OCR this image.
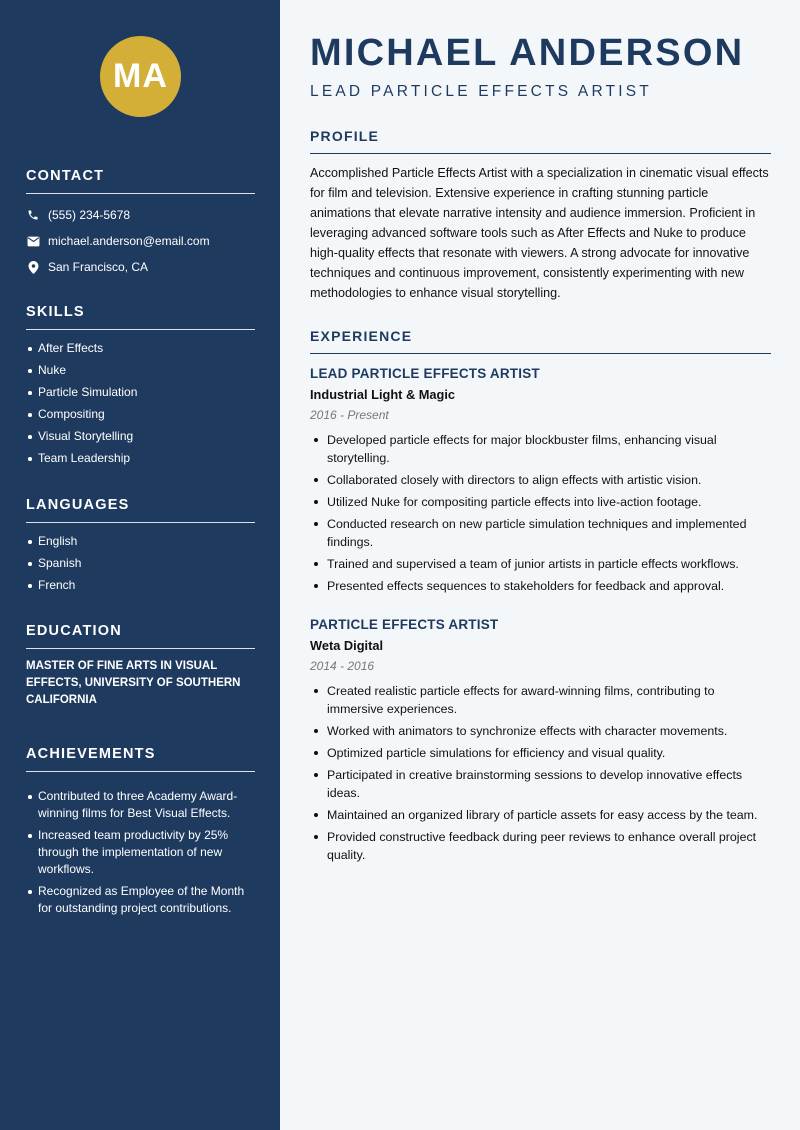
MA
CONTACT
(555) 234-5678
michael.anderson@email.com
San Francisco, CA
SKILLS
After Effects
Nuke
Particle Simulation
Compositing
Visual Storytelling
Team Leadership
LANGUAGES
English
Spanish
French
EDUCATION
MASTER OF FINE ARTS IN VISUAL EFFECTS, UNIVERSITY OF SOUTHERN CALIFORNIA
ACHIEVEMENTS
Contributed to three Academy Award-winning films for Best Visual Effects.
Increased team productivity by 25% through the implementation of new workflows.
Recognized as Employee of the Month for outstanding project contributions.
MICHAEL ANDERSON
LEAD PARTICLE EFFECTS ARTIST
PROFILE
Accomplished Particle Effects Artist with a specialization in cinematic visual effects for film and television. Extensive experience in crafting stunning particle animations that elevate narrative intensity and audience immersion. Proficient in leveraging advanced software tools such as After Effects and Nuke to produce high-quality effects that resonate with viewers. A strong advocate for innovative techniques and continuous improvement, consistently experimenting with new methodologies to enhance visual storytelling.
EXPERIENCE
LEAD PARTICLE EFFECTS ARTIST
Industrial Light & Magic
2016 - Present
Developed particle effects for major blockbuster films, enhancing visual storytelling.
Collaborated closely with directors to align effects with artistic vision.
Utilized Nuke for compositing particle effects into live-action footage.
Conducted research on new particle simulation techniques and implemented findings.
Trained and supervised a team of junior artists in particle effects workflows.
Presented effects sequences to stakeholders for feedback and approval.
PARTICLE EFFECTS ARTIST
Weta Digital
2014 - 2016
Created realistic particle effects for award-winning films, contributing to immersive experiences.
Worked with animators to synchronize effects with character movements.
Optimized particle simulations for efficiency and visual quality.
Participated in creative brainstorming sessions to develop innovative effects ideas.
Maintained an organized library of particle assets for easy access by the team.
Provided constructive feedback during peer reviews to enhance overall project quality.
